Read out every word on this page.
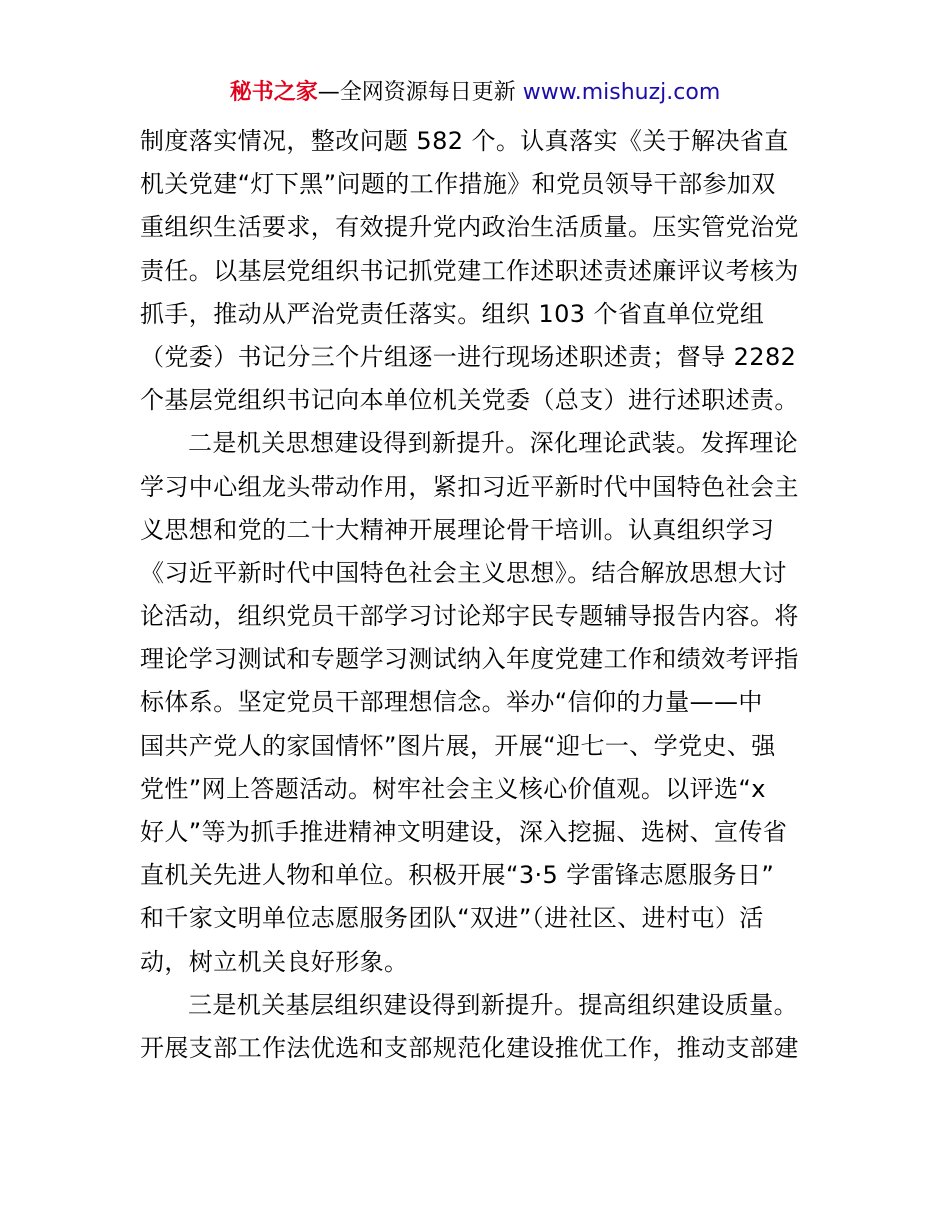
秘书之家—全网资源每日更新 www.mishuzj.com
制度落实情况，整改问题 582 个。认真落实《关于解决省直
机关党建“灯下黑”问题的工作措施》和党员领导干部参加双
重组织生活要求，有效提升党内政治生活质量。压实管党治党
责任。以基层党组织书记抓党建工作述职述责述廉评议考核为
抓手，推动从严治党责任落实。组织 103 个省直单位党组
（党委）书记分三个片组逐一进行现场述职述责；督导 2282
个基层党组织书记向本单位机关党委（总支）进行述职述责。
二是机关思想建设得到新提升。深化理论武装。发挥理论
学习中心组龙头带动作用，紧扣习近平新时代中国特色社会主
义思想和党的二十大精神开展理论骨干培训。认真组织学习
《习近平新时代中国特色社会主义思想》。结合解放思想大讨
论活动，组织党员干部学习讨论郑宇民专题辅导报告内容。将
理论学习测试和专题学习测试纳入年度党建工作和绩效考评指
标体系。坚定党员干部理想信念。举办“信仰的力量——中
国共产党人的家国情怀”图片展，开展“迎七一、学党史、强
党性”网上答题活动。树牢社会主义核心价值观。以评选“x
好人”等为抓手推进精神文明建设，深入挖掘、选树、宣传省
直机关先进人物和单位。积极开展“3·5 学雷锋志愿服务日”
和千家文明单位志愿服务团队“双进”（进社区、进村屯）活
动，树立机关良好形象。
三是机关基层组织建设得到新提升。提高组织建设质量。
开展支部工作法优选和支部规范化建设推优工作，推动支部建
